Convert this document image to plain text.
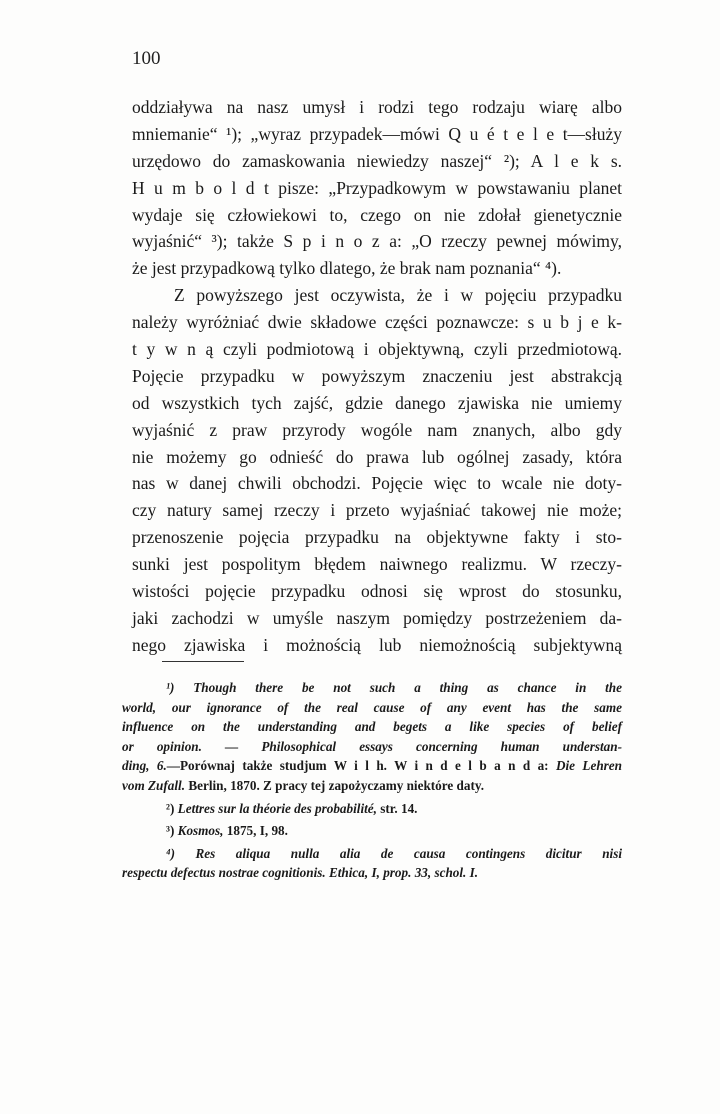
100
oddziaływa na nasz umysł i rodzi tego rodzaju wiarę albo
mniemanie“ ¹); „wyraz przypadek—mówi Q u é t e l e t—służy
urzędowo do zamaskowania niewiedzy naszej“ ²); A l e k s.
H u m b o l d t pisze: „Przypadkowym w powstawaniu planet
wydaje się człowiekowi to, czego on nie zdołał gienetycznie
wyjaśnić“ ³); także S p i n o z a: „O rzeczy pewnej mówimy,
że jest przypadkową tylko dlatego, że brak nam poznania“ ⁴).
Z powyższego jest oczywista, że i w pojęciu przypadku
należy wyróżniać dwie składowe części poznawcze: s u b j e k-
t y w n ą czyli podmiotową i objektywną, czyli przedmiotową.
Pojęcie przypadku w powyższym znaczeniu jest abstrakcją
od wszystkich tych zajść, gdzie danego zjawiska nie umiemy
wyjaśnić z praw przyrody wogóle nam znanych, albo gdy
nie możemy go odnieść do prawa lub ogólnej zasady, która
nas w danej chwili obchodzi. Pojęcie więc to wcale nie doty-
czy natury samej rzeczy i przeto wyjaśniać takowej nie może;
przenoszenie pojęcia przypadku na objektywne fakty i sto-
sunki jest pospolitym błędem naiwnego realizmu. W rzeczy-
wistości pojęcie przypadku odnosi się wprost do stosunku,
jaki zachodzi w umyśle naszym pomiędzy postrzeżeniem da-
nego zjawiska i możnością lub niemożnością subjektywną
¹) Though there be not such a thing as chance in the
world, our ignorance of the real cause of any event has the same
influence on the understanding and begets a like species of belief
or opinion. — Philosophical essays concerning human understan-
ding, 6.—Porównaj także studjum W i l h. W i n d e l b a n d a: Die Lehren
vom Zufall. Berlin, 1870. Z pracy tej zapożyczamy niektóre daty.
²) Lettres sur la théorie des probabilité, str. 14.
³) Kosmos, 1875, I, 98.
⁴) Res aliqua nulla alia de causa contingens dicitur nisi
respectu defectus nostrae cognitionis. Ethica, I, prop. 33, schol. I.
